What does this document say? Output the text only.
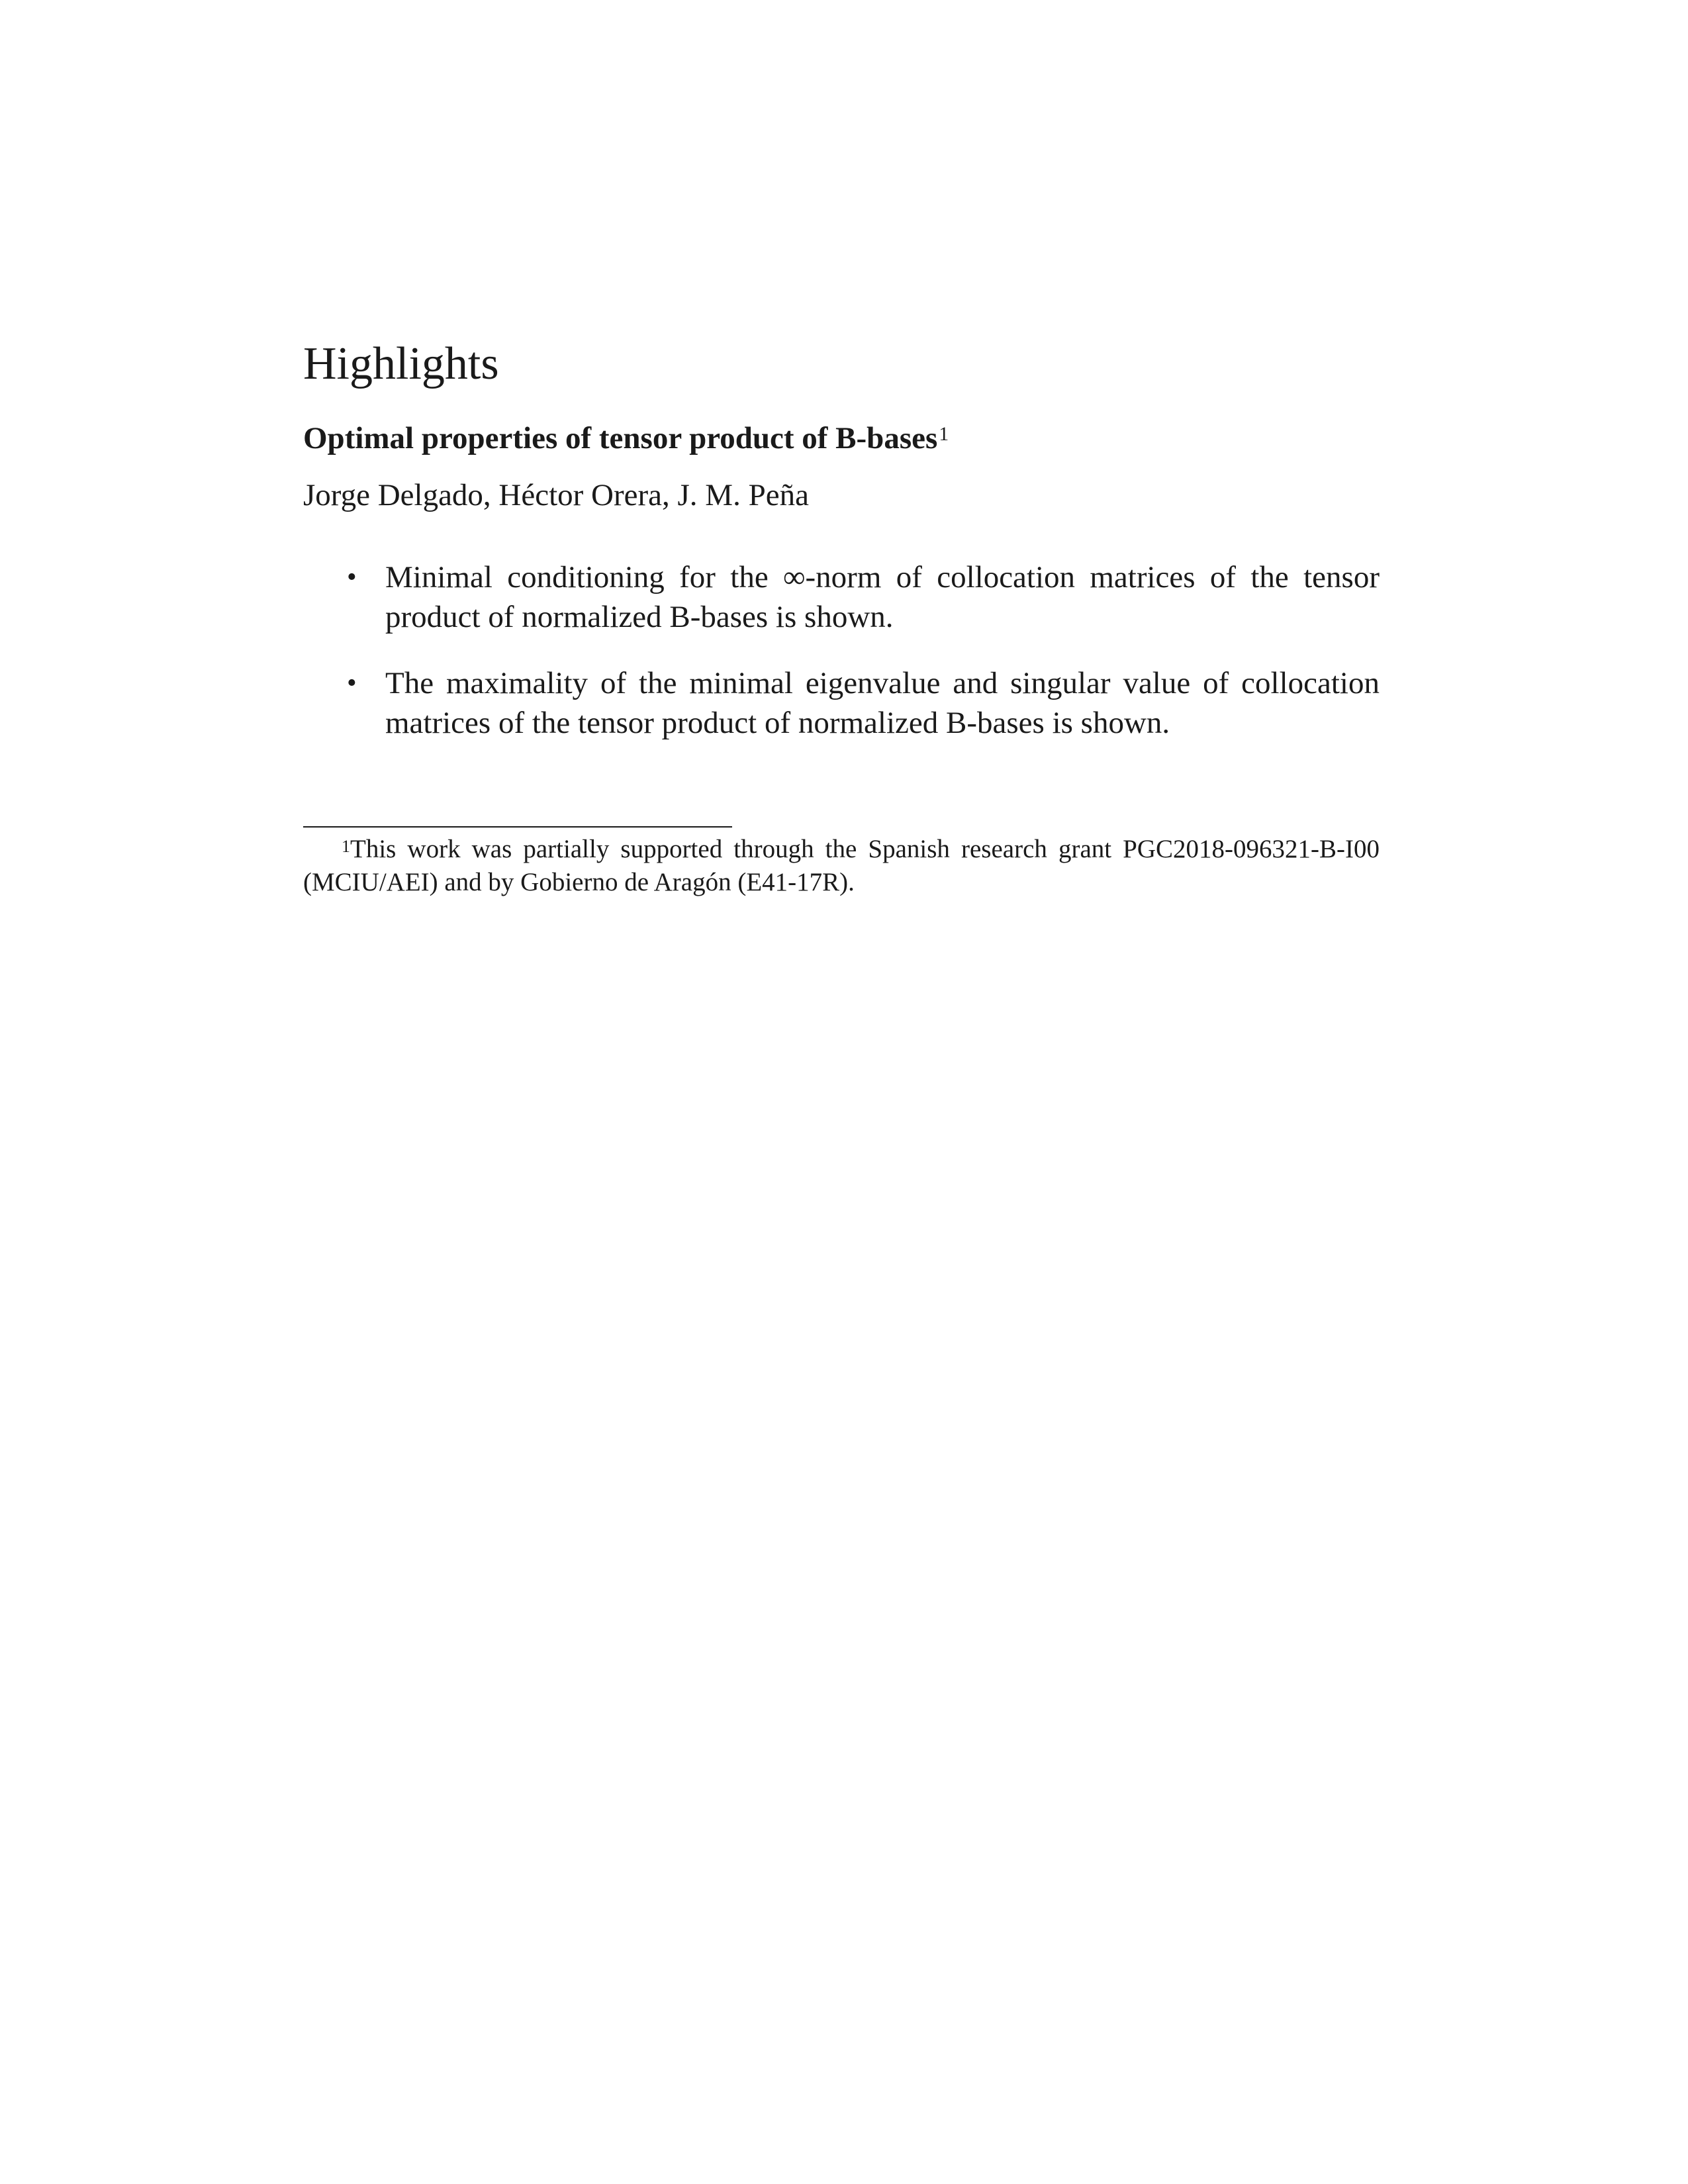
Highlights
Optimal properties of tensor product of B-bases$^1$

Jorge Delgado, Héctor Orera, J. M. Peña

• Minimal conditioning for the ∞-norm of collocation matrices of the tensor product of normalized B-bases is shown.
• The maximality of the minimal eigenvalue and singular value of collocation matrices of the tensor product of normalized B-bases is shown.

$^1$This work was partially supported through the Spanish research grant PGC2018-096321-B-I00 (MCIU/AEI) and by Gobierno de Aragón (E41-17R).
